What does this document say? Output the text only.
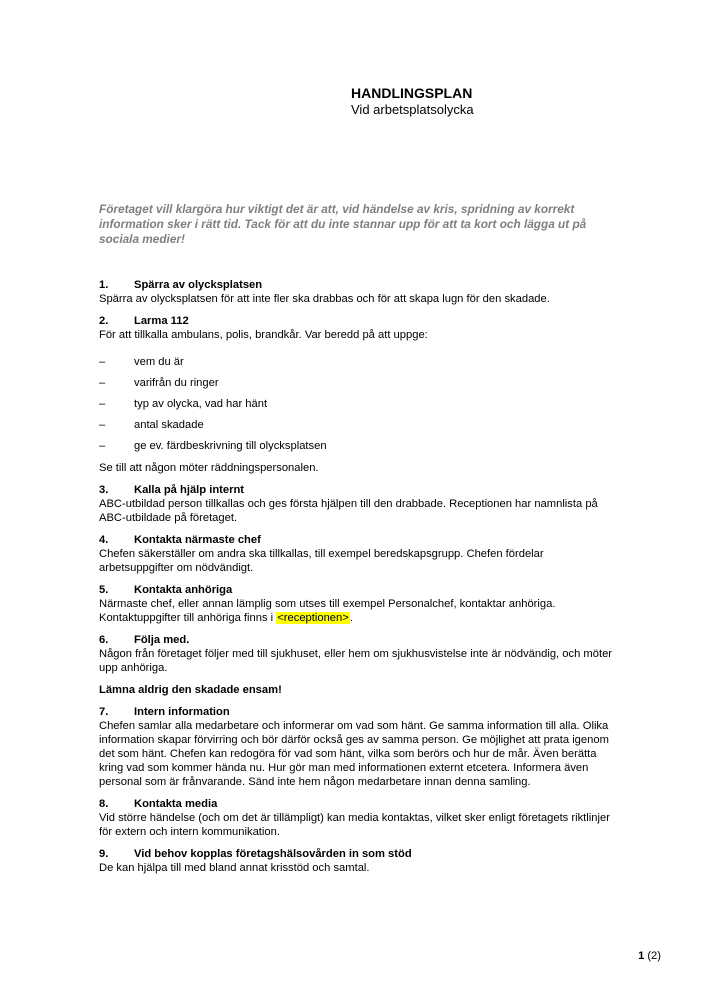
HANDLINGSPLAN
Vid arbetsplatsolycka

Företaget vill klargöra hur viktigt det är att, vid händelse av kris, spridning av korrekt information sker i rätt tid. Tack för att du inte stannar upp för att ta kort och lägga ut på sociala medier!

1.	Spärra av olycksplatsen

Spärra av olycksplatsen för att inte fler ska drabbas och för att skapa lugn för den skadade.

2.	Larma 112

För att tillkalla ambulans, polis, brandkår. Var beredd på att uppge:

–	vem du är
–	varifrån du ringer
–	typ av olycka, vad har hänt
–	antal skadade
–	ge ev. färdbeskrivning till olycksplatsen

Se till att någon möter räddningspersonalen.

3.	Kalla på hjälp internt

ABC-utbildad person tillkallas och ges första hjälpen till den drabbade. Receptionen har namnlista på ABC-utbildade på företaget.

4.	Kontakta närmaste chef

Chefen säkerställer om andra ska tillkallas, till exempel beredskapsgrupp. Chefen fördelar arbetsuppgifter om nödvändigt.

5.	Kontakta anhöriga

Närmaste chef, eller annan lämplig som utses till exempel Personalchef, kontaktar anhöriga. Kontaktuppgifter till anhöriga finns i <receptionen>.

6.	Följa med.

Någon från företaget följer med till sjukhuset, eller hem om sjukhusvistelse inte är nödvändig, och möter upp anhöriga.

Lämna aldrig den skadade ensam!

7.	Intern information

Chefen samlar alla medarbetare och informerar om vad som hänt. Ge samma information till alla. Olika information skapar förvirring och bör därför också ges av samma person. Ge möjlighet att prata igenom det som hänt. Chefen kan redogöra för vad som hänt, vilka som berörs och hur de mår. Även berätta kring vad som kommer hända nu. Hur gör man med informationen externt etcetera. Informera även personal som är frånvarande. Sänd inte hem någon medarbetare innan denna samling.

8.	Kontakta media

Vid större händelse (och om det är tillämpligt) kan media kontaktas, vilket sker enligt företagets riktlinjer för extern och intern kommunikation.

9.	Vid behov kopplas företagshälsovården in som stöd

De kan hjälpa till med bland annat krisstöd och samtal.

1 (2)
